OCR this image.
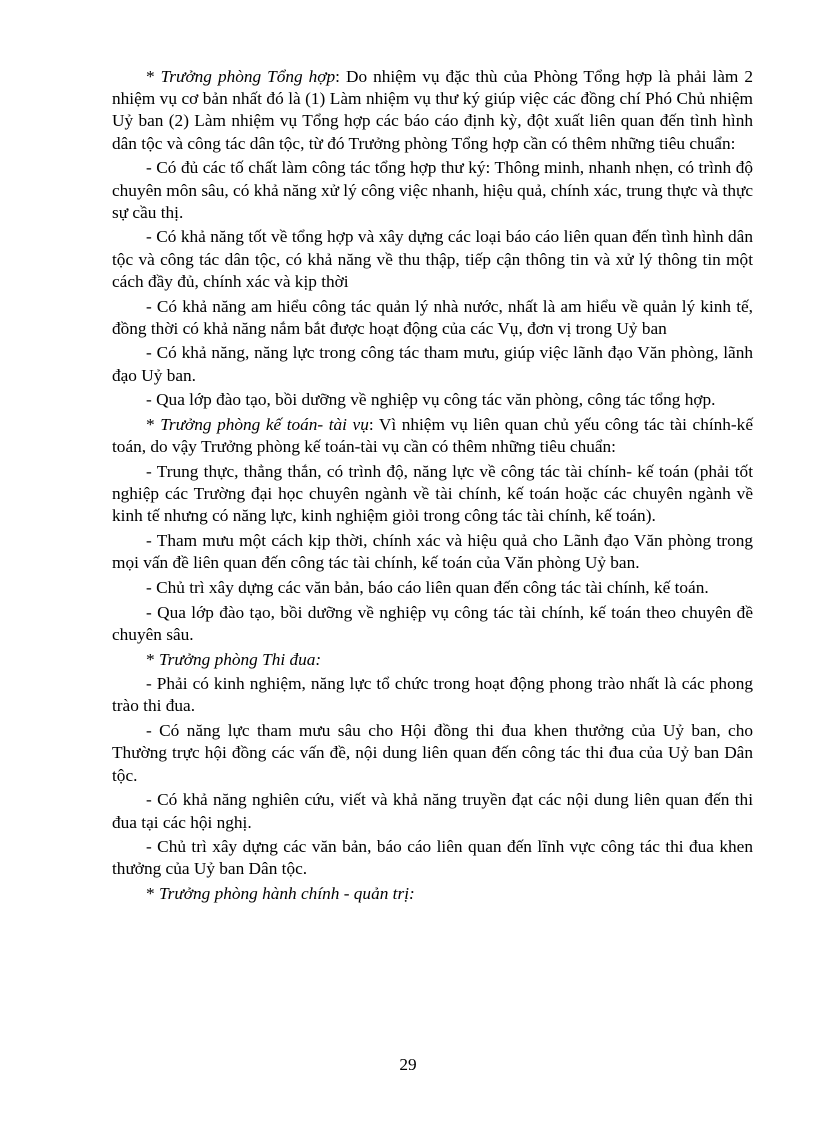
* Trưởng phòng Tổng hợp: Do nhiệm vụ đặc thù của Phòng Tổng hợp là phải làm 2 nhiệm vụ cơ bản nhất đó là (1) Làm nhiệm vụ thư ký giúp việc các đồng chí Phó Chủ nhiệm Uỷ ban (2) Làm nhiệm vụ Tổng hợp các báo cáo định kỳ, đột xuất liên quan đến tình hình dân tộc và công tác dân tộc, từ đó Trưởng phòng Tổng hợp cần có thêm những tiêu chuẩn:

- Có đủ các tố chất làm công tác tổng hợp thư ký: Thông minh, nhanh nhẹn, có trình độ chuyên môn sâu, có khả năng xử lý công việc nhanh, hiệu quả, chính xác, trung thực và thực sự cầu thị.

- Có khả năng tốt về tổng hợp và xây dựng các loại báo cáo liên quan đến tình hình dân tộc và công tác dân tộc, có khả năng về thu thập, tiếp cận thông tin và xử lý thông tin một cách đầy đủ, chính xác và kịp thời

- Có khả năng am hiểu công tác quản lý nhà nước, nhất là am hiểu về quản lý kinh tế, đồng thời có khả năng nắm bắt được hoạt động của các Vụ, đơn vị trong Uỷ ban

- Có khả năng, năng lực trong công tác tham mưu, giúp việc lãnh đạo Văn phòng, lãnh đạo Uỷ ban.

- Qua lớp đào tạo, bồi dưỡng về nghiệp vụ công tác văn phòng, công tác tổng hợp.

* Trưởng phòng kế toán- tài vụ: Vì nhiệm vụ liên quan chủ yếu công tác tài chính-kế toán, do vậy Trưởng phòng kế toán-tài vụ cần có thêm những tiêu chuẩn:

- Trung thực, thẳng thắn, có trình độ, năng lực về công tác tài chính- kế toán (phải tốt nghiệp các Trường đại học chuyên ngành về tài chính, kế toán hoặc các chuyên ngành về kinh tế nhưng có năng lực, kinh nghiệm giỏi trong công tác tài chính, kế toán).

- Tham mưu một cách kịp thời, chính xác và hiệu quả cho Lãnh đạo Văn phòng trong mọi vấn đề liên quan đến công tác tài chính, kế toán của Văn phòng Uỷ ban.

- Chủ trì xây dựng các văn bản, báo cáo liên quan đến công tác tài chính, kế toán.

- Qua lớp đào tạo, bồi dưỡng về nghiệp vụ công tác tài chính, kế toán theo chuyên đề chuyên sâu.

* Trưởng phòng Thi đua:

- Phải có kinh nghiệm, năng lực tổ chức trong hoạt động phong trào nhất là các phong trào thi đua.

- Có năng lực tham mưu sâu cho Hội đồng thi đua khen thưởng của Uỷ ban, cho Thường trực hội đồng các vấn đề, nội dung liên quan đến công tác thi đua của Uỷ ban Dân tộc.

- Có khả năng nghiên cứu, viết và khả năng truyền đạt các nội dung liên quan đến thi đua tại các hội nghị.

- Chủ trì xây dựng các văn bản, báo cáo liên quan đến lĩnh vực công tác thi đua khen thưởng của Uỷ ban Dân tộc.

* Trưởng phòng hành chính - quản trị:

29
